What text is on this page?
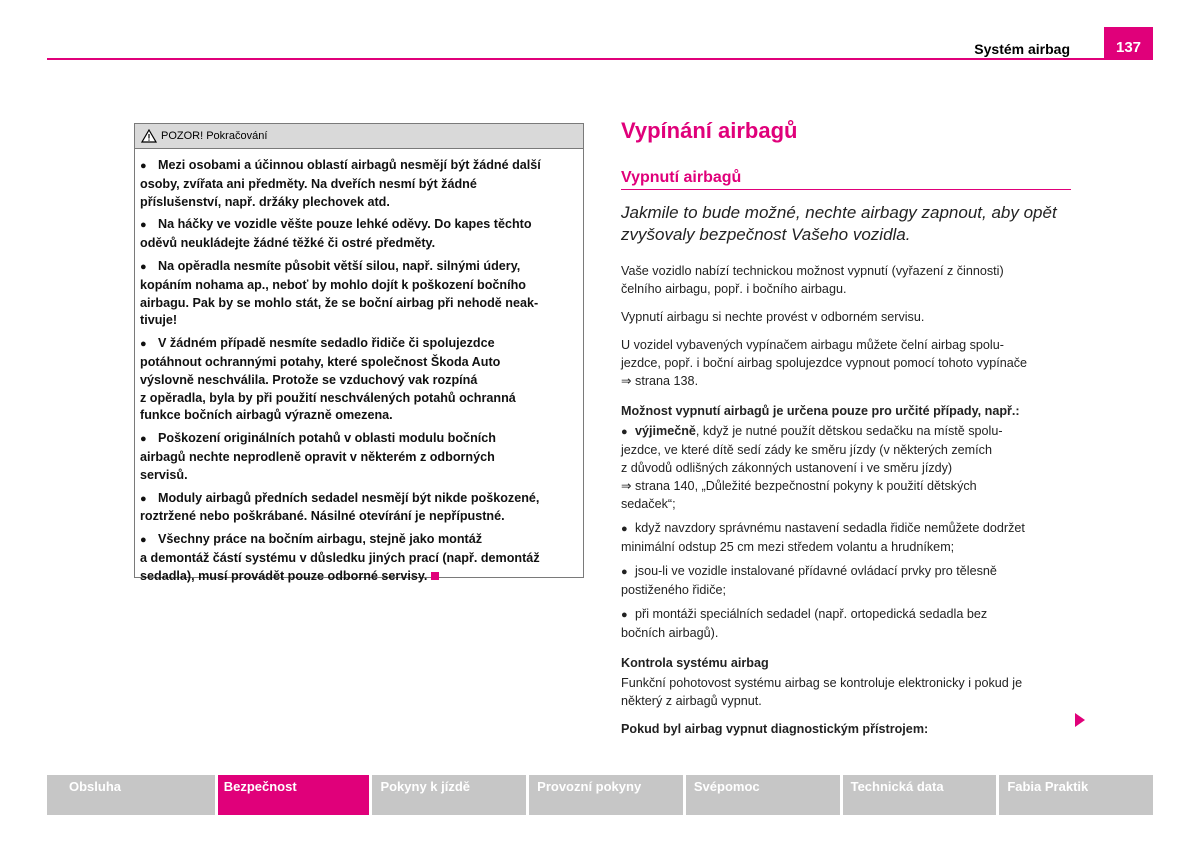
Systém airbag	137
POZOR! Pokračování
● Mezi osobami a účinnou oblastí airbagů nesmějí být žádné další
osoby, zvířata ani předměty. Na dveřích nesmí být žádné
příslušenství, např. držáky plechovek atd.
● Na háčky ve vozidle věšte pouze lehké oděvy. Do kapes těchto
oděvů neukládejte žádné těžké či ostré předměty.
● Na opěradla nesmíte působit větší silou, např. silnými údery,
kopáním nohama ap., neboť by mohlo dojít k poškození bočního
airbagu. Pak by se mohlo stát, že se boční airbag při nehodě neak-
tivuje!
● V žádném případě nesmíte sedadlo řidiče či spolujezdce
potáhnout ochrannými potahy, které společnost Škoda Auto
výslovně neschválila. Protože se vzduchový vak rozpíná
z opěradla, byla by při použití neschválených potahů ochranná
funkce bočních airbagů výrazně omezena.
● Poškození originálních potahů v oblasti modulu bočních
airbagů nechte neprodleně opravit v některém z odborných
servisů.
● Moduly airbagů předních sedadel nesmějí být nikde poškozené,
roztržené nebo poškrábané. Násilné otevírání je nepřípustné.
● Všechny práce na bočním airbagu, stejně jako montáž
a demontáž částí systému v důsledku jiných prací (např. demontáž
sedadla), musí provádět pouze odborné servisy.
Vypínání airbagů
Vypnutí airbagů
Jakmile to bude možné, nechte airbagy zapnout, aby opět
zvyšovaly bezpečnost Vašeho vozidla.
Vaše vozidlo nabízí technickou možnost vypnutí (vyřazení z činnosti)
čelního airbagu, popř. i bočního airbagu.
Vypnutí airbagu si nechte provést v odborném servisu.
U vozidel vybavených vypínačem airbagu můžete čelní airbag spolu-
jezdce, popř. i boční airbag spolujezdce vypnout pomocí tohoto vypínače
⇒ strana 138.
Možnost vypnutí airbagů je určena pouze pro určité případy, např.:
● výjimečně, když je nutné použít dětskou sedačku na místě spolu-
jezdce, ve které dítě sedí zády ke směru jízdy (v některých zemích
z důvodů odlišných zákonných ustanovení i ve směru jízdy)
⇒ strana 140, „Důležité bezpečnostní pokyny k použití dětských
sedaček“;
● když navzdory správnému nastavení sedadla řidiče nemůžete dodržet
minimální odstup 25 cm mezi středem volantu a hrudníkem;
● jsou-li ve vozidle instalované přídavné ovládací prvky pro tělesně
postiženého řidiče;
● při montáži speciálních sedadel (např. ortopedická sedadla bez
bočních airbagů).
Kontrola systému airbag
Funkční pohotovost systému airbag se kontroluje elektronicky i pokud je
některý z airbagů vypnut.
Pokud byl airbag vypnut diagnostickým přístrojem:
Obsluha	Bezpečnost	Pokyny k jízdě	Provozní pokyny	Svépomoc	Technická data	Fabia Praktik
